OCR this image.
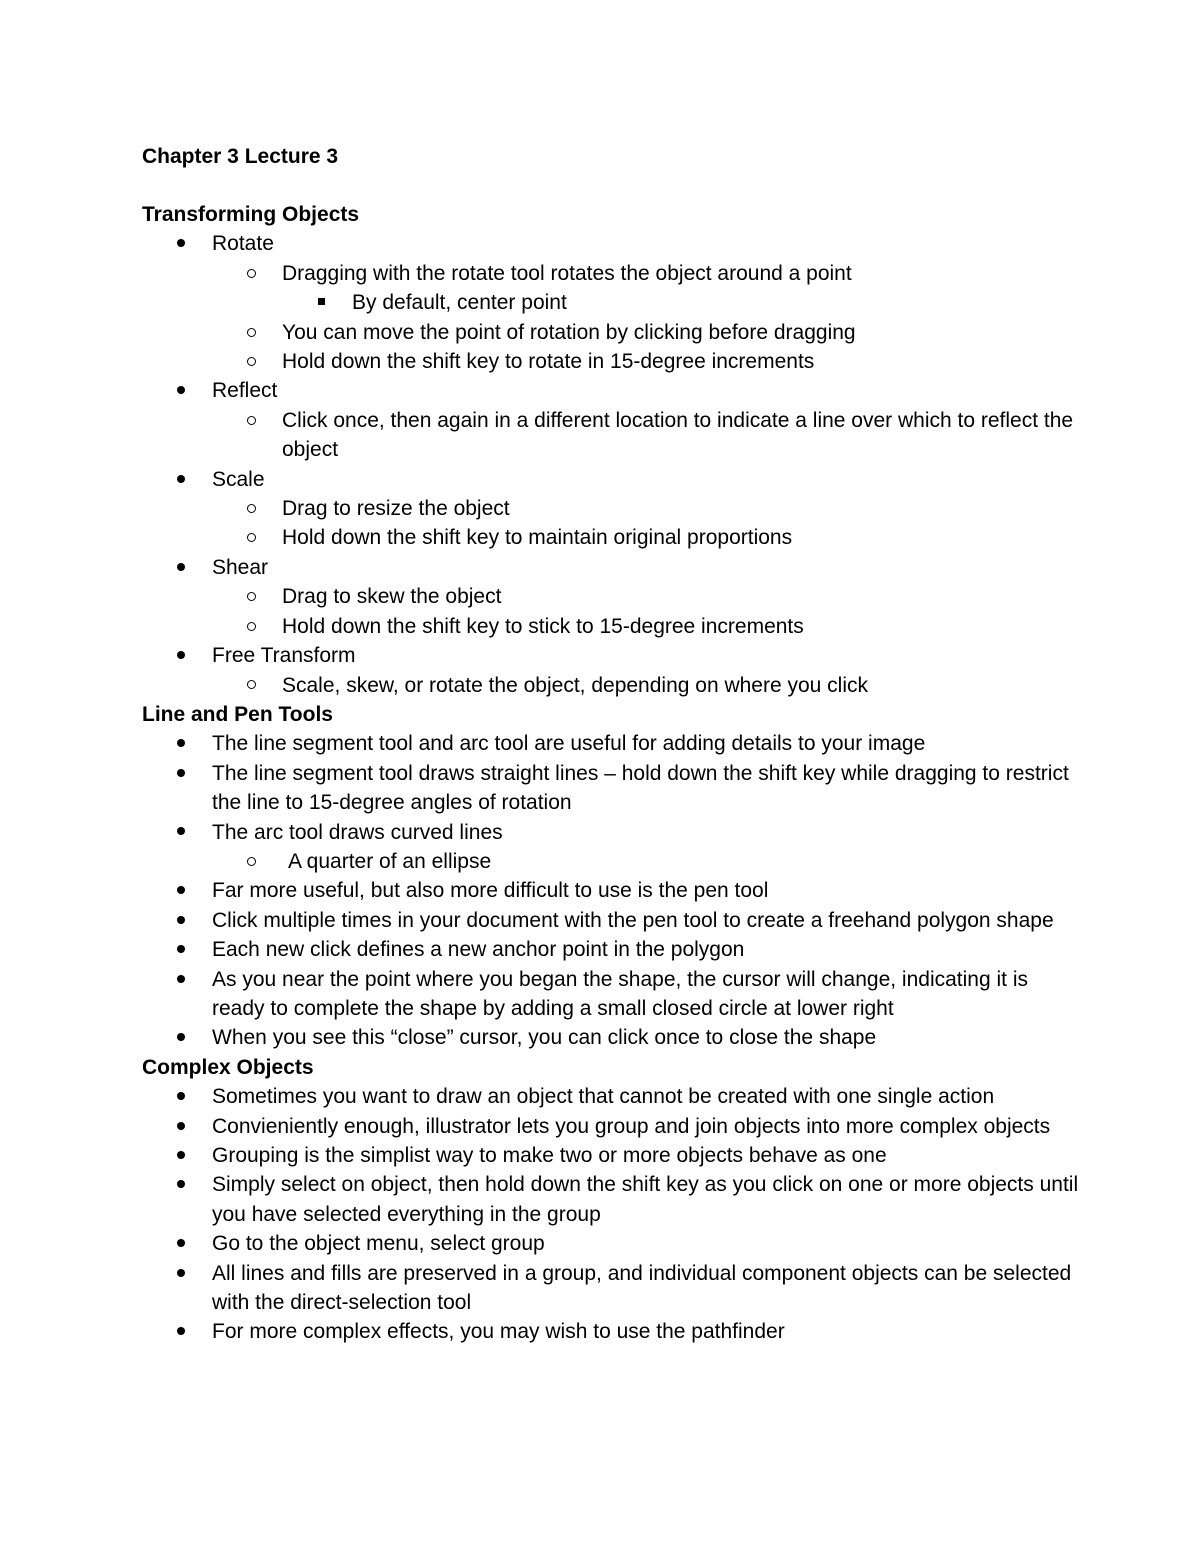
Chapter 3 Lecture 3
Transforming Objects
Rotate
Dragging with the rotate tool rotates the object around a point
By default, center point
You can move the point of rotation by clicking before dragging
Hold down the shift key to rotate in 15-degree increments
Reflect
Click once, then again in a different location to indicate a line over which to reflect the object
Scale
Drag to resize the object
Hold down the shift key to maintain original proportions
Shear
Drag to skew the object
Hold down the shift key to stick to 15-degree increments
Free Transform
Scale, skew, or rotate the object, depending on where you click
Line and Pen Tools
The line segment tool and arc tool are useful for adding details to your image
The line segment tool draws straight lines – hold down the shift key while dragging to restrict the line to 15-degree angles of rotation
The arc tool draws curved lines
A quarter of an ellipse
Far more useful, but also more difficult to use is the pen tool
Click multiple times in your document with the pen tool to create a freehand polygon shape
Each new click defines a new anchor point in the polygon
As you near the point where you began the shape, the cursor will change, indicating it is ready to complete the shape by adding a small closed circle at lower right
When you see this “close” cursor, you can click once to close the shape
Complex Objects
Sometimes you want to draw an object that cannot be created with one single action
Convieniently enough, illustrator lets you group and join objects into more complex objects
Grouping is the simplist way to make two or more objects behave as one
Simply select on object, then hold down the shift key as you click on one or more objects until you have selected everything in the group
Go to the object menu, select group
All lines and fills are preserved in a group, and individual component objects can be selected with the direct-selection tool
For more complex effects, you may wish to use the pathfinder
